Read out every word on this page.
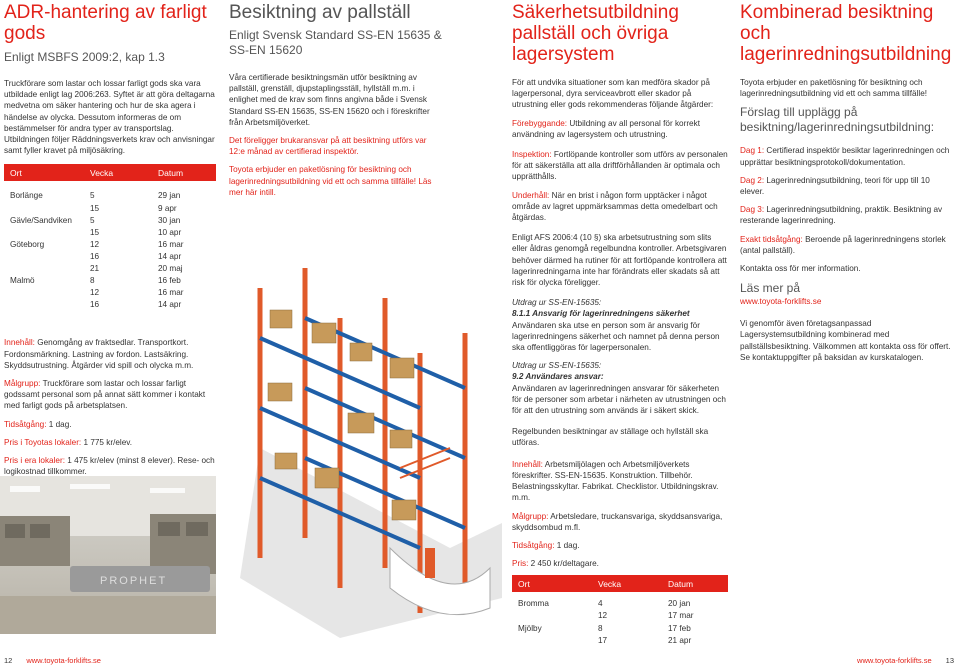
ADR-hantering av farligt gods
Enligt MSBFS 2009:2, kap 1.3

Truckförare som lastar och lossar farligt gods ska vara utbildade enligt lag 2006:263. Syftet är att göra deltagarna medvetna om säker hantering och hur de ska agera i händelse av olycka. Dessutom informeras de om bestämmelser för andra typer av transportslag. Utbildningen följer Räddningsverkets krav och anvisningar samt fyller kravet på miljösäkring.

Ort	Vecka	Datum

Borlänge	5	29 jan
	15	9 apr
Gävle/Sandviken	5	30 jan
	15	10 apr
Göteborg	12	16 mar
	16	14 apr
	21	20 maj
Malmö	8	16 feb
	12	16 mar
	16	14 apr

Innehåll: Genomgång av fraktsedlar. Transportkort. Fordonsmärkning. Lastning av fordon. Lastsäkring. Skyddsutrustning. Åtgärder vid spill och olycka m.m.

Målgrupp: Truckförare som lastar och lossar farligt godssamt personal som på annat sätt kommer i kontakt med farligt gods på arbetsplatsen.

Tidsåtgång: 1 dag.

Pris i Toyotas lokaler: 1 775 kr/elev.

Pris i era lokaler: 1 475 kr/elev (minst 8 elever). Rese- och logikostnad tillkommer.

PROPHET
Besiktning av pallställ
Enligt Svensk Standard SS-EN 15635 & SS-EN 15620

Våra certifierade besiktningsmän utför besiktning av pallställ, grenställ, djupstaplingsställ, hyllställ m.m. i enlighet med de krav som finns angivna både i Svensk Standard SS-EN 15635, SS-EN 15620 och i föreskrifter från Arbetsmiljöverket.

Det föreligger brukaransvar på att besiktning utförs var 12:e månad av certifierad inspektör.

Toyota erbjuder en paketlösning för besiktning och lagerinredningsutbildning vid ett och samma tillfälle! Läs mer här intill.

Säkerhetsutbildning pallställ och övriga lagersystem

För att undvika situationer som kan medföra skador på lagerpersonal, dyra serviceavbrott eller skador på utrustning eller gods rekommenderas följande åtgärder:

Förebyggande: Utbildning av all personal för korrekt användning av lagersystem och utrustning.

Inspektion: Fortlöpande kontroller som utförs av personalen för att säkerställa att alla driftförhållanden är optimala och upprätthålls.

Underhåll: När en brist i någon form upptäcker i något område av lagret uppmärksammas detta omedelbart och åtgärdas.

Enligt AFS 2006:4 (10 §) ska arbetsutrustning som slits eller åldras genomgå regelbundna kontroller. Arbetsgivaren behöver därmed ha rutiner för att fortlöpande kontrollera att lagerinredningarna inte har förändrats eller skadats så att risk för olycka föreligger.

Utdrag ur SS-EN-15635:

8.1.1 Ansvarig för lagerinredningens säkerhet

Användaren ska utse en person som är ansvarig för lagerinredningens säkerhet och namnet på denna person ska offentliggöras för lagerpersonalen.

Utdrag ur SS-EN-15635:

9.2 Användares ansvar:

Användaren av lagerinredningen ansvarar för säkerheten för de personer som arbetar i närheten av utrustningen och för att den utrustning som används är i säkert skick.

Regelbunden besiktningar av ställage och hyllställ ska utföras.

Innehåll: Arbetsmiljölagen och Arbetsmiljöverkets föreskrifter. SS-EN-15635. Konstruktion. Tillbehör. Belastningsskyltar. Fabrikat. Checklistor. Utbildningskrav. m.m.

Målgrupp: Arbetsledare, truckansvariga, skyddsansvariga, skyddsombud m.fl.

Tidsåtgång: 1 dag.

Pris: 2 450 kr/deltagare.

Ort	Vecka	Datum

Bromma	4	20 jan
	12	17 mar
Mjölby	8	17 feb
	17	21 apr
Kombinerad besiktning och lagerinredningsutbildning

Toyota erbjuder en paketlösning för besiktning och lagerinredningsutbildning vid ett och samma tillfälle!

Förslag till upplägg på besiktning/lagerinredningsutbildning:

Dag 1: Certifierad inspektör besiktar lagerinredningen och upprättar besiktningsprotokoll/dokumentation.

Dag 2: Lagerinredningsutbildning, teori för upp till 10 elever.

Dag 3: Lagerinredningsutbildning, praktik. Besiktning av resterande lagerinredning.

Exakt tidsåtgång: Beroende på lagerinredningens storlek (antal pallställ).

Kontakta oss för mer information.

Läs mer på
www.toyota-forklifts.se

Vi genomför även företagsanpassad Lagersystemsutbildning kombinerad med pallställsbesiktning. Välkommen att kontakta oss för offert. Se kontaktuppgifter på baksidan av kurskatalogen.

12 www.toyota-forklifts.se	www.toyota-forklifts.se 13
